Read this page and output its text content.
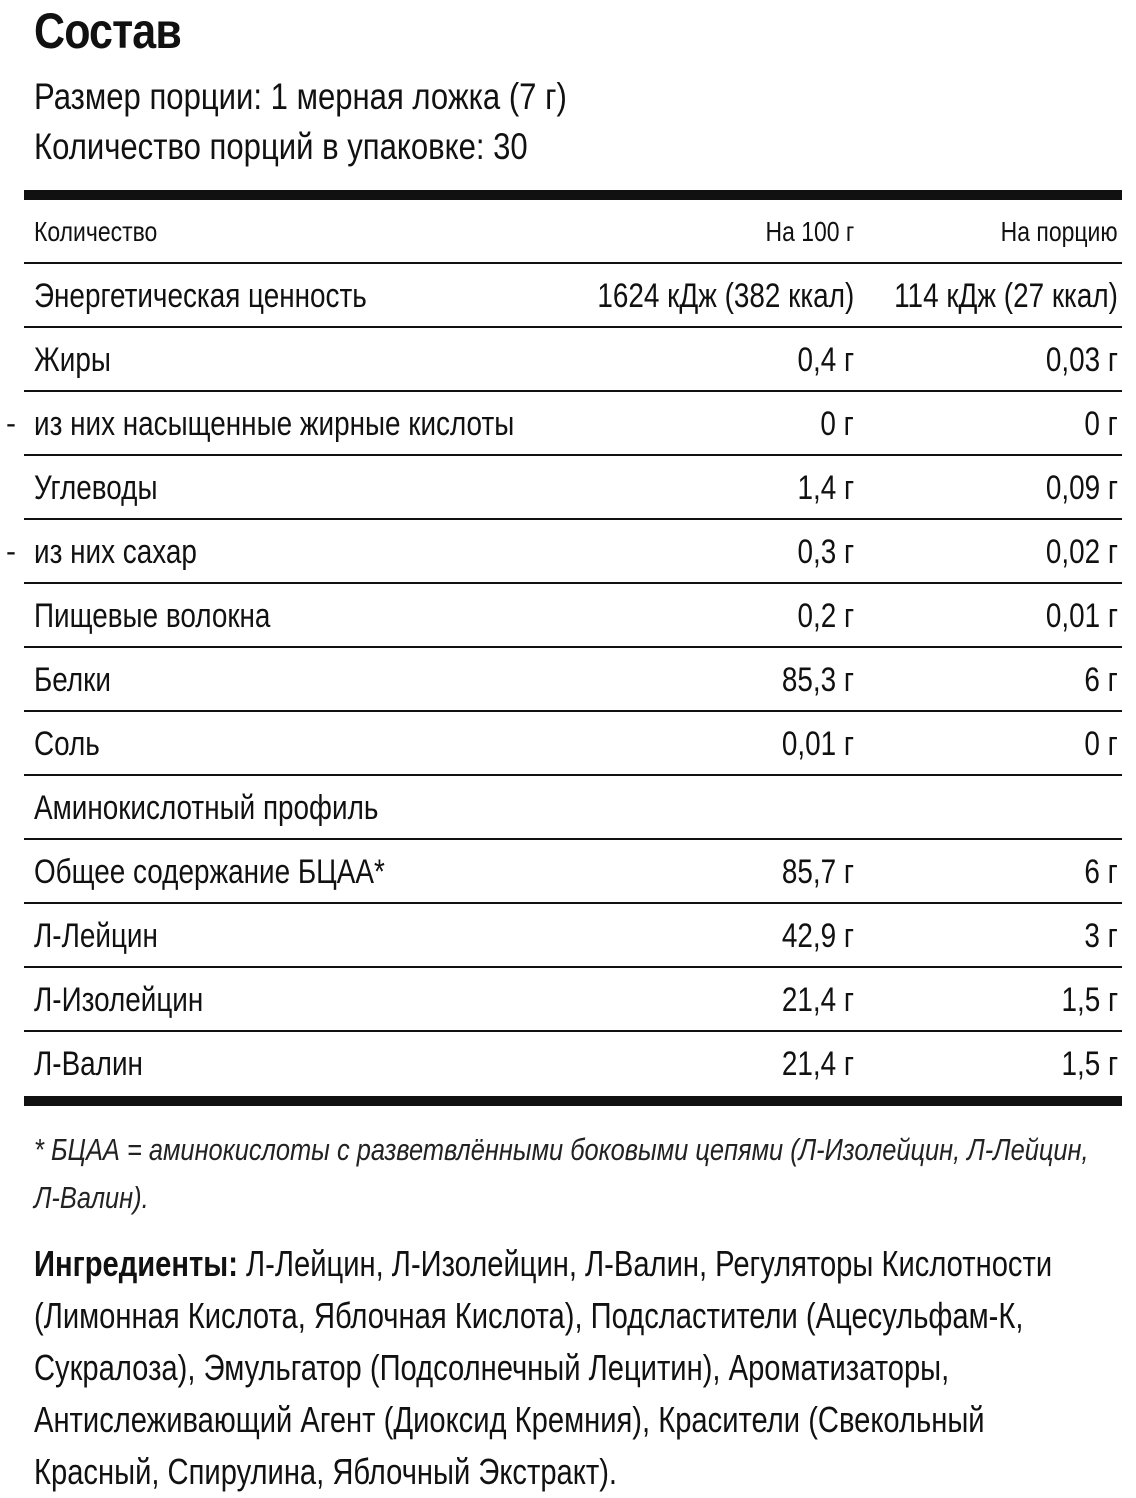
Состав
Размер порции: 1 мерная ложка (7 г)
Количество порций в упаковке: 30
Количество	На 100 г	На порцию
Энергетическая ценность	1624 кДж (382 ккал) 114 кДж (27 ккал)
Жиры	0,4 г	0,03 г
- из них насыщенные жирные кислоты	0 г	0 г
Углеводы	1,4 г	0,09 г
- из них сахар	0,3 г	0,02 г
Пищевые волокна	0,2 г	0,01 г
Белки	85,3 г	6 г
Соль	0,01 г	0 г
Аминокислотный профиль
Общее содержание БЦАА*	85,7 г	6 г
Л-Лейцин	42,9 г	3 г
Л-Изолейцин	21,4 г	1,5 г
Л-Валин	21,4 г	1,5 г
* БЦАА = аминокислоты с разветвлёнными боковыми цепями (Л-Изолейцин, Л-Лейцин,
Л-Валин).
Ингредиенты: Л-Лейцин, Л-Изолейцин, Л-Валин, Регуляторы Кислотности
(Лимонная Кислота, Яблочная Кислота), Подсластители (Ацесульфам-К,
Сукралоза), Эмульгатор (Подсолнечный Лецитин), Ароматизаторы,
Антислеживающий Агент (Диоксид Кремния), Красители (Свекольный
Красный, Спирулина, Яблочный Экстракт).
